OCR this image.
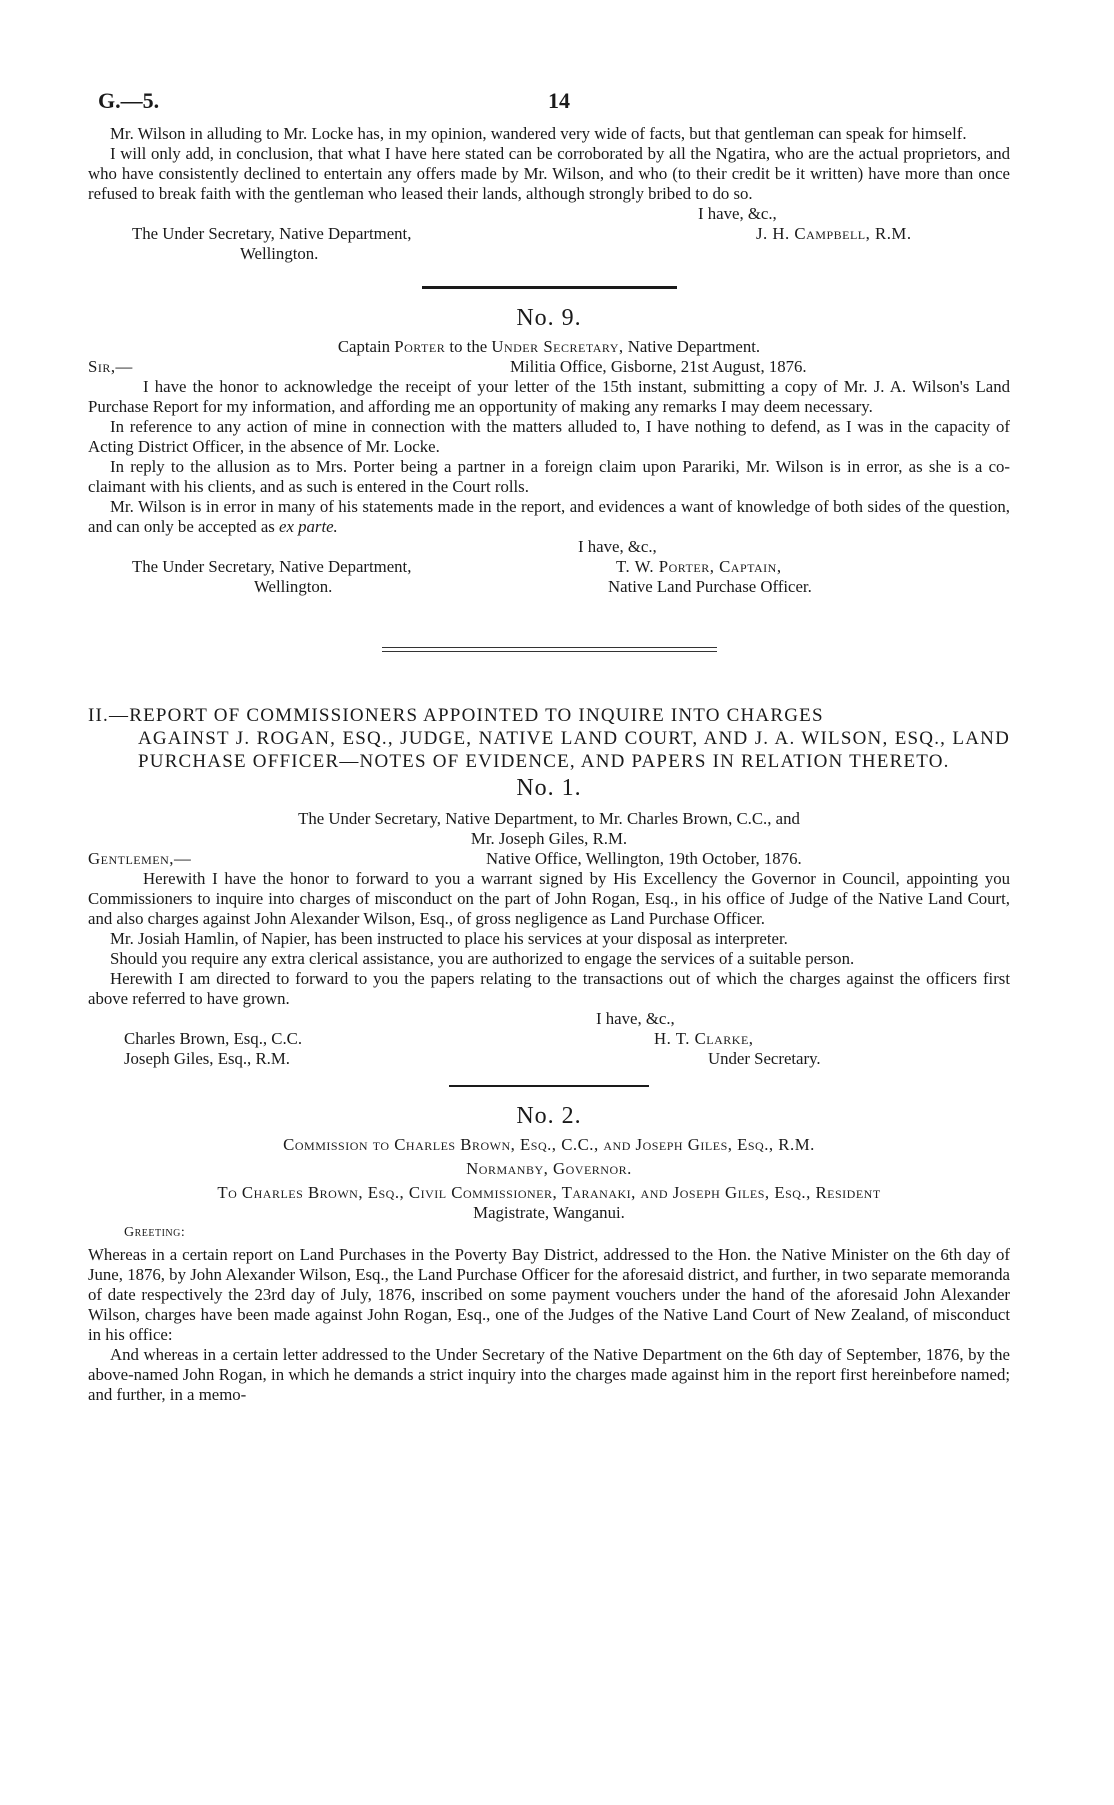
G.—5.	14

Mr. Wilson in alluding to Mr. Locke has, in my opinion, wandered very wide of facts, but that gentleman can speak for himself.

I will only add, in conclusion, that what I have here stated can be corroborated by all the Ngatira, who are the actual proprietors, and who have consistently declined to entertain any offers made by Mr. Wilson, and who (to their credit be it written) have more than once refused to break faith with the gentleman who leased their lands, although strongly bribed to do so.

I have, &c.,
The Under Secretary, Native Department,	J. H. Campbell, R.M.
Wellington.
No. 9.
Captain Porter to the Under Secretary, Native Department.
Sir,—	Militia Office, Gisborne, 21st August, 1876.

I have the honor to acknowledge the receipt of your letter of the 15th instant, submitting a copy of Mr. J. A. Wilson's Land Purchase Report for my information, and affording me an opportunity of making any remarks I may deem necessary.

In reference to any action of mine in connection with the matters alluded to, I have nothing to defend, as I was in the capacity of Acting District Officer, in the absence of Mr. Locke.

In reply to the allusion as to Mrs. Porter being a partner in a foreign claim upon Parariki, Mr. Wilson is in error, as she is a co-claimant with his clients, and as such is entered in the Court rolls.

Mr. Wilson is in error in many of his statements made in the report, and evidences a want of knowledge of both sides of the question, and can only be accepted as ex parte.

I have, &c.,
The Under Secretary, Native Department,	T. W. Porter, Captain,
Wellington.	Native Land Purchase Officer.
II.—REPORT OF COMMISSIONERS APPOINTED TO INQUIRE INTO CHARGES
AGAINST J. ROGAN, ESQ., JUDGE, NATIVE LAND COURT, AND J. A. WILSON, ESQ., LAND PURCHASE OFFICER—NOTES OF EVIDENCE, AND PAPERS IN RELATION THERETO.
No. 1.
The Under Secretary, Native Department, to Mr. Charles Brown, C.C., and
Mr. Joseph Giles, R.M.
Gentlemen,—	Native Office, Wellington, 19th October, 1876.

Herewith I have the honor to forward to you a warrant signed by His Excellency the Governor in Council, appointing you Commissioners to inquire into charges of misconduct on the part of John Rogan, Esq., in his office of Judge of the Native Land Court, and also charges against John Alexander Wilson, Esq., of gross negligence as Land Purchase Officer.

Mr. Josiah Hamlin, of Napier, has been instructed to place his services at your disposal as interpreter.

Should you require any extra clerical assistance, you are authorized to engage the services of a suitable person.

Herewith I am directed to forward to you the papers relating to the transactions out of which the charges against the officers first above referred to have grown.

I have, &c.,
Charles Brown, Esq., C.C.	H. T. Clarke,
Joseph Giles, Esq., R.M.	Under Secretary.
No. 2.
Commission to Charles Brown, Esq., C.C., and Joseph Giles, Esq., R.M.
Normanby, Governor.
To Charles Brown, Esq., Civil Commissioner, Taranaki, and Joseph Giles, Esq., Resident
Magistrate, Wanganui.
Greeting:

Whereas in a certain report on Land Purchases in the Poverty Bay District, addressed to the Hon. the Native Minister on the 6th day of June, 1876, by John Alexander Wilson, Esq., the Land Purchase Officer for the aforesaid district, and further, in two separate memoranda of date respectively the 23rd day of July, 1876, inscribed on some payment vouchers under the hand of the aforesaid John Alexander Wilson, charges have been made against John Rogan, Esq., one of the Judges of the Native Land Court of New Zealand, of misconduct in his office:

And whereas in a certain letter addressed to the Under Secretary of the Native Department on the 6th day of September, 1876, by the above-named John Rogan, in which he demands a strict inquiry into the charges made against him in the report first hereinbefore named; and further, in a memo-
